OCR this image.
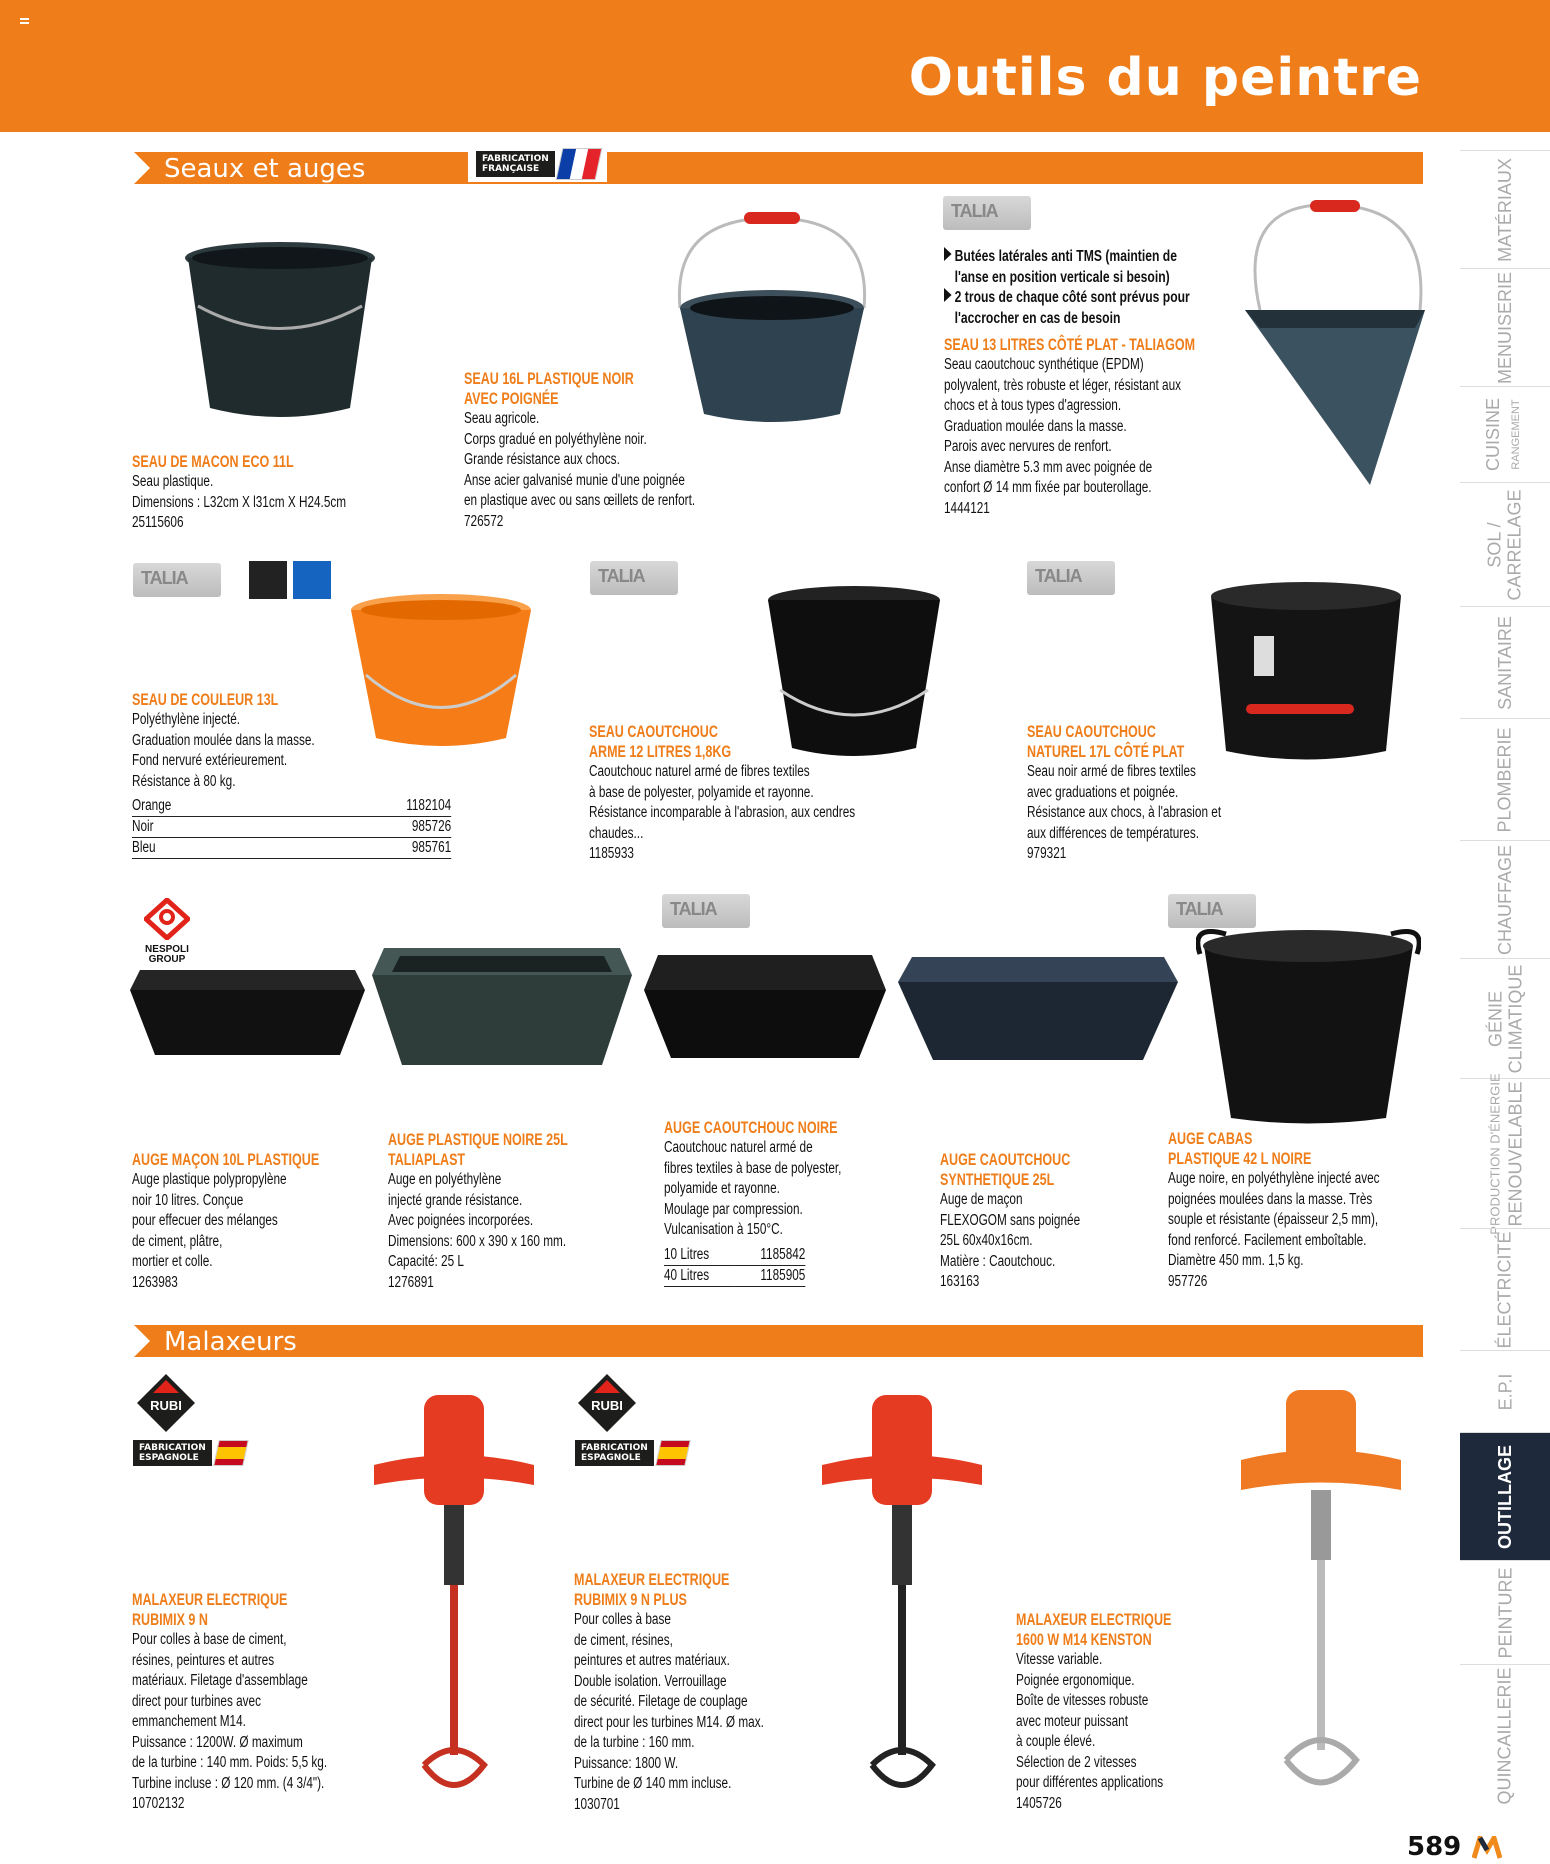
Outils du peintre
Seaux et auges	FABRICATION
FRANÇAISE
Malaxeurs
TALIA
TALIA
TALIA	TALIA
TALIA	TALIA
NESPOLI
GROUP
RUBI
FABRICATION
ESPAGNOLE
RUBI
FABRICATION
ESPAGNOLE
SEAU DE MACON ECO 11L
Seau plastique.
Dimensions : L32cm X l31cm X H24.5cm
25115606
SEAU 16L PLASTIQUE NOIR
AVEC POIGNÉE
Seau agricole.
Corps gradué en polyéthylène noir.
Grande résistance aux chocs.
Anse acier galvanisé munie d'une poignée
en plastique avec ou sans œillets de renfort.
726572
Butées latérales anti TMS (maintien de
l'anse en position verticale si besoin)
2 trous de chaque côté sont prévus pour
l'accrocher en cas de besoin
SEAU 13 LITRES CÔTÉ PLAT - TALIAGOM
Seau caoutchouc synthétique (EPDM)
polyvalent, très robuste et léger, résistant aux
chocs et à tous types d'agression.
Graduation moulée dans la masse.
Parois avec nervures de renfort.
Anse diamètre 5.3 mm avec poignée de
confort Ø 14 mm fixée par bouterollage.
1444121
SEAU DE COULEUR 13L
Polyéthylène injecté.
Graduation moulée dans la masse.
Fond nervuré extérieurement.
Résistance à 80 kg.
Orange	1182104
Noir	985726
Bleu	985761
SEAU CAOUTCHOUC
ARME 12 LITRES 1,8KG
Caoutchouc naturel armé de fibres textiles
à base de polyester, polyamide et rayonne.
Résistance incomparable à l'abrasion, aux cendres
chaudes...
1185933
SEAU CAOUTCHOUC
NATUREL 17L CÔTÉ PLAT
Seau noir armé de fibres textiles
avec graduations et poignée.
Résistance aux chocs, à l'abrasion et
aux différences de températures.
979321
AUGE MAÇON 10L PLASTIQUE
Auge plastique polypropylène
noir 10 litres. Conçue
pour effecuer des mélanges
de ciment, plâtre,
mortier et colle.
1263983
AUGE PLASTIQUE NOIRE 25L
TALIAPLAST
Auge en polyéthylène
injecté grande résistance.
Avec poignées incorporées.
Dimensions: 600 x 390 x 160 mm.
Capacité: 25 L
1276891
AUGE CAOUTCHOUC NOIRE
Caoutchouc naturel armé de
fibres textiles à base de polyester,
polyamide et rayonne.
Moulage par compression.
Vulcanisation à 150°C.
10 Litres	1185842
40 Litres	1185905
AUGE CAOUTCHOUC
SYNTHETIQUE 25L
Auge de maçon
FLEXOGOM sans poignée
25L 60x40x16cm.
Matière : Caoutchouc.
163163
AUGE CABAS
PLASTIQUE 42 L NOIRE
Auge noire, en polyéthylène injecté avec
poignées moulées dans la masse. Très
souple et résistante (épaisseur 2,5 mm),
fond renforcé. Facilement emboîtable.
Diamètre 450 mm. 1,5 kg.
957726
MALAXEUR ELECTRIQUE
RUBIMIX 9 N
Pour colles à base de ciment,
résines, peintures et autres
matériaux. Filetage d'assemblage
direct pour turbines avec
emmanchement M14.
Puissance : 1200W. Ø maximum
de la turbine : 140 mm. Poids: 5,5 kg.
Turbine incluse : Ø 120 mm. (4 3/4").
10702132
MALAXEUR ELECTRIQUE
RUBIMIX 9 N PLUS
Pour colles à base
de ciment, résines,
peintures et autres matériaux.
Double isolation. Verrouillage
de sécurité. Filetage de couplage
direct pour les turbines M14. Ø max.
de la turbine : 160 mm.
Puissance: 1800 W.
Turbine de Ø 140 mm incluse.
1030701
MALAXEUR ELECTRIQUE
1600 W M14 KENSTON
Vitesse variable.
Poignée ergonomique.
Boîte de vitesses robuste
avec moteur puissant
à couple élevé.
Sélection de 2 vitesses
pour différentes applications
1405726
MATÉRIAUX
MENUISERIE
CUISINE RANGEMENT
SOL /
CARRELAGE
SANITAIRE
PLOMBERIE
CHAUFFAGE
GÉNIE
CLIMATIQUE
PRODUCTION D'ÉNERGIE RENOUVELABLE
ÉLECTRICITÉ
E.P.I
OUTILLAGE
PEINTURE
QUINCAILLERIE
589
